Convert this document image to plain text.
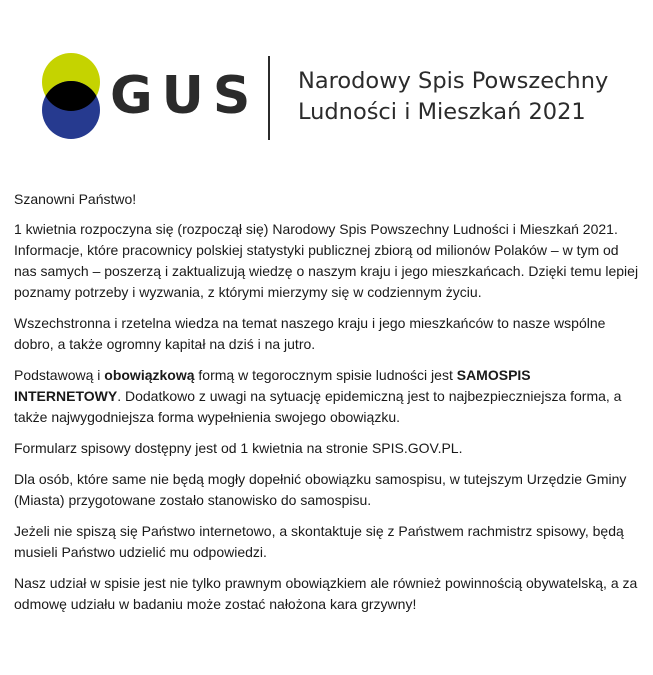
GUS Narodowy Spis Powszechny
Ludności i Mieszkań 2021

Szanowni Państwo!

1 kwietnia rozpoczyna się (rozpoczął się) Narodowy Spis Powszechny Ludności i Mieszkań 2021. Informacje, które pracownicy polskiej statystyki publicznej zbiorą od milionów Polaków – w tym od nas samych – poszerzą i zaktualizują wiedzę o naszym kraju i jego mieszkańcach. Dzięki temu lepiej poznamy potrzeby i wyzwania, z którymi mierzymy się w codziennym życiu.

Wszechstronna i rzetelna wiedza na temat naszego kraju i jego mieszkańców to nasze wspólne dobro, a także ogromny kapitał na dziś i na jutro.

Podstawową i obowiązkową formą w tegorocznym spisie ludności jest SAMOSPIS INTERNETOWY. Dodatkowo z uwagi na sytuację epidemiczną jest to najbezpieczniejsza forma, a także najwygodniejsza forma wypełnienia swojego obowiązku.

Formularz spisowy dostępny jest od 1 kwietnia na stronie SPIS.GOV.PL.

Dla osób, które same nie będą mogły dopełnić obowiązku samospisu, w tutejszym Urzędzie Gminy (Miasta) przygotowane zostało stanowisko do samospisu.

Jeżeli nie spiszą się Państwo internetowo, a skontaktuje się z Państwem rachmistrz spisowy, będą musieli Państwo udzielić mu odpowiedzi.

Nasz udział w spisie jest nie tylko prawnym obowiązkiem ale również powinnością obywatelską, a za odmowę udziału w badaniu może zostać nałożona kara grzywny!
